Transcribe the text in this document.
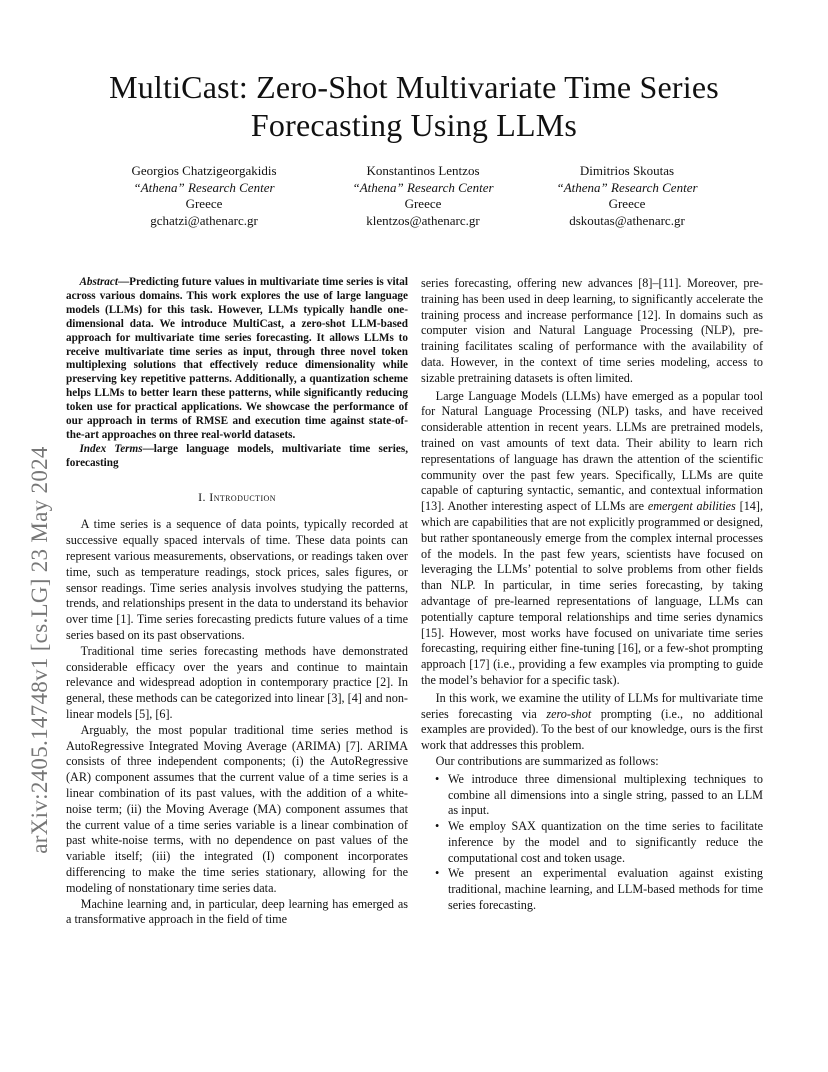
arXiv:2405.14748v1 [cs.LG] 23 May 2024
MultiCast: Zero-Shot Multivariate Time Series
Forecasting Using LLMs
Georgios Chatzigeorgakidis
“Athena” Research Center
Greece
gchatzi@athenarc.gr
Konstantinos Lentzos
“Athena” Research Center
Greece
klentzos@athenarc.gr
Dimitrios Skoutas
“Athena” Research Center
Greece
dskoutas@athenarc.gr

Abstract—Predicting future values in multivariate time series is vital across various domains. This work explores the use of large language models (LLMs) for this task. However, LLMs typically handle one-dimensional data. We introduce MultiCast, a zero-shot LLM-based approach for multivariate time series forecasting. It allows LLMs to receive multivariate time series as input, through three novel token multiplexing solutions that effectively reduce dimensionality while preserving key repetitive patterns. Additionally, a quantization scheme helps LLMs to better learn these patterns, while significantly reducing token use for practical applications. We showcase the performance of our approach in terms of RMSE and execution time against state-of-the-art approaches on three real-world datasets.

Index Terms—large language models, multivariate time series, forecasting

I. Introduction

A time series is a sequence of data points, typically recorded at successive equally spaced intervals of time. These data points can represent various measurements, observations, or readings taken over time, such as temperature readings, stock prices, sales figures, or sensor readings. Time series analysis involves studying the patterns, trends, and relationships present in the data to understand its behavior over time [1]. Time series forecasting predicts future values of a time series based on its past observations.

Traditional time series forecasting methods have demonstrated considerable efficacy over the years and continue to maintain relevance and widespread adoption in contemporary practice [2]. In general, these methods can be categorized into linear [3], [4] and non-linear models [5], [6].

Arguably, the most popular traditional time series method is AutoRegressive Integrated Moving Average (ARIMA) [7]. ARIMA consists of three independent components; (i) the AutoRegressive (AR) component assumes that the current value of a time series is a linear combination of its past values, with the addition of a white-noise term; (ii) the Moving Average (MA) component assumes that the current value of a time series variable is a linear combination of past white-noise terms, with no dependence on past values of the variable itself; (iii) the integrated (I) component incorporates differencing to make the time series stationary, allowing for the modeling of nonstationary time series data.

Machine learning and, in particular, deep learning has emerged as a transformative approach in the field of time

series forecasting, offering new advances [8]–[11]. Moreover, pre-training has been used in deep learning, to significantly accelerate the training process and increase performance [12]. In domains such as computer vision and Natural Language Processing (NLP), pre-training facilitates scaling of performance with the availability of data. However, in the context of time series modeling, access to sizable pretraining datasets is often limited.

Large Language Models (LLMs) have emerged as a popular tool for Natural Language Processing (NLP) tasks, and have received considerable attention in recent years. LLMs are pretrained models, trained on vast amounts of text data. Their ability to learn rich representations of language has drawn the attention of the scientific community over the past few years. Specifically, LLMs are quite capable of capturing syntactic, semantic, and contextual information [13]. Another interesting aspect of LLMs are emergent abilities [14], which are capabilities that are not explicitly programmed or designed, but rather spontaneously emerge from the complex internal processes of the models. In the past few years, scientists have focused on leveraging the LLMs’ potential to solve problems from other fields than NLP. In particular, in time series forecasting, by taking advantage of pre-learned representations of language, LLMs can potentially capture temporal relationships and time series dynamics [15]. However, most works have focused on univariate time series forecasting, requiring either fine-tuning [16], or a few-shot prompting approach [17] (i.e., providing a few examples via prompting to guide the model’s behavior for a specific task).

In this work, we examine the utility of LLMs for multivariate time series forecasting via zero-shot prompting (i.e., no additional examples are provided). To the best of our knowledge, ours is the first work that addresses this problem.

Our contributions are summarized as follows:

• We introduce three dimensional multiplexing techniques to combine all dimensions into a single string, passed to an LLM as input.
• We employ SAX quantization on the time series to facilitate inference by the model and to significantly reduce the computational cost and token usage.
• We present an experimental evaluation against existing traditional, machine learning, and LLM-based methods for time series forecasting.
